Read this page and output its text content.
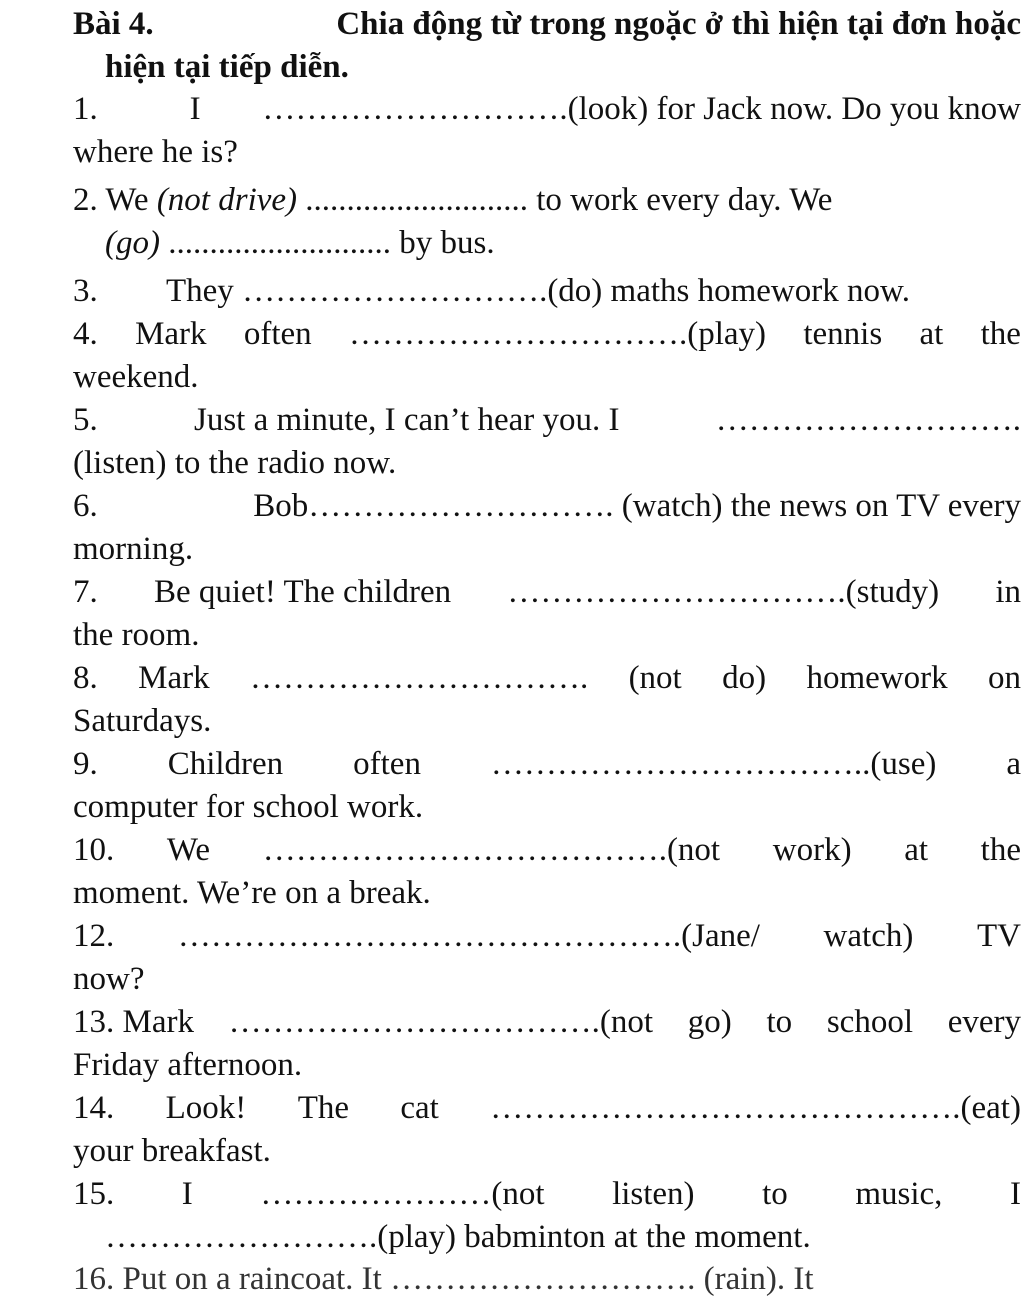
Bài 4.	Chia động từ trong ngoặc ở thì hiện tại đơn hoặc
hiện tại tiếp diễn.
1.	I ……………………….(look) for Jack now. Do you know
where he is?
2. We (not drive) ........................... to work every day. We
(go) ........................... by bus.
3. They ……………………….(do) maths homework now.
4. Mark often ………………………….(play) tennis at the
weekend.
5.	Just a minute, I can’t hear you. I	……………………….
(listen) to the radio now.
6.	Bob………………………. (watch) the news on TV every
morning.
7. Be quiet! The children ………………………….(study) in
the room.
8. Mark …………………………. (not do) homework on
Saturdays.
9. Children often ……………………………..(use) a
computer for school work.
10. We ……………………………….(not work) at the
moment. We’re on a break.
12. ……………………………………….(Jane/ watch) TV
now?
13. Mark …………………………….(not go) to school every
Friday afternoon.
14. Look! The cat …………………………………….(eat)
your breakfast.
15. I …………………(not listen) to music, I
…………………….(play) babminton at the moment.
16. Put on a raincoat. It ………………………. (rain). It
